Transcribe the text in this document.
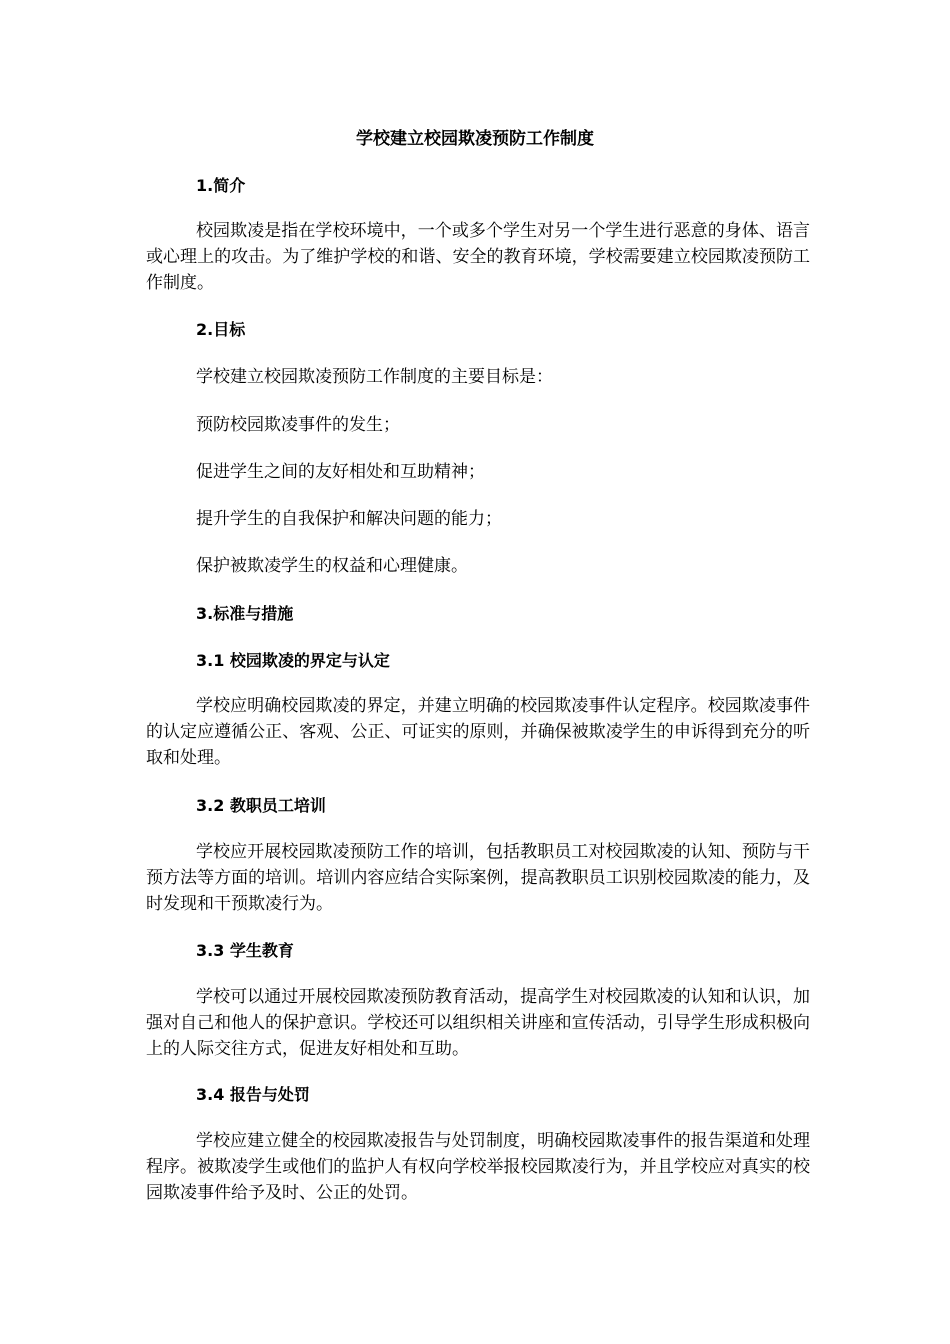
学校建立校园欺凌预防工作制度
1.简介

校园欺凌是指在学校环境中，一个或多个学生对另一个学生进行恶意的身体、语言或心理上的攻击。为了维护学校的和谐、安全的教育环境，学校需要建立校园欺凌预防工作制度。

2.目标

学校建立校园欺凌预防工作制度的主要目标是：

预防校园欺凌事件的发生；

促进学生之间的友好相处和互助精神；

提升学生的自我保护和解决问题的能力；

保护被欺凌学生的权益和心理健康。

3.标准与措施
3.1 校园欺凌的界定与认定

学校应明确校园欺凌的界定，并建立明确的校园欺凌事件认定程序。校园欺凌事件的认定应遵循公正、客观、公正、可证实的原则，并确保被欺凌学生的申诉得到充分的听取和处理。

3.2 教职员工培训

学校应开展校园欺凌预防工作的培训，包括教职员工对校园欺凌的认知、预防与干预方法等方面的培训。培训内容应结合实际案例，提高教职员工识别校园欺凌的能力，及时发现和干预欺凌行为。

3.3 学生教育

学校可以通过开展校园欺凌预防教育活动，提高学生对校园欺凌的认知和认识，加强对自己和他人的保护意识。学校还可以组织相关讲座和宣传活动，引导学生形成积极向上的人际交往方式，促进友好相处和互助。

3.4 报告与处罚

学校应建立健全的校园欺凌报告与处罚制度，明确校园欺凌事件的报告渠道和处理程序。被欺凌学生或他们的监护人有权向学校举报校园欺凌行为，并且学校应对真实的校园欺凌事件给予及时、公正的处罚。
